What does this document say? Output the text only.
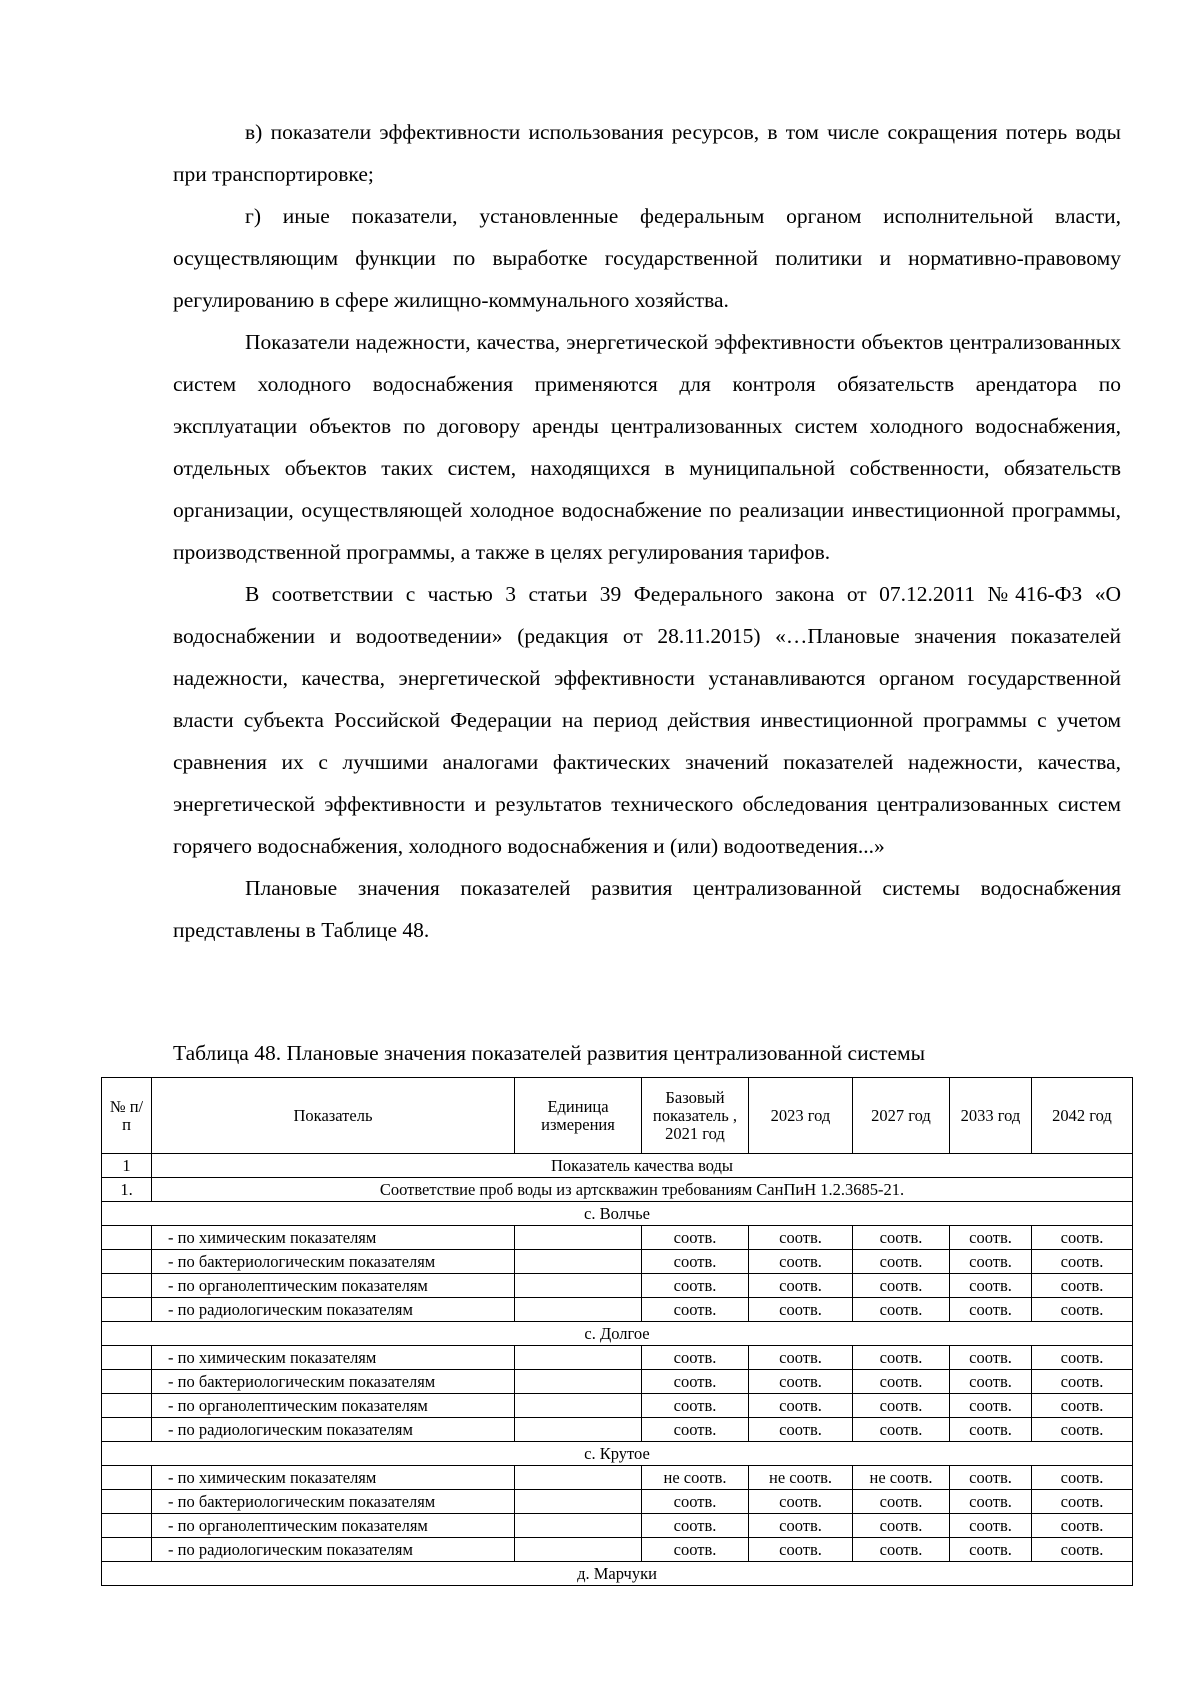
в) показатели эффективности использования ресурсов, в том числе сокращения потерь воды при транспортировке;

г) иные показатели, установленные федеральным органом исполнительной власти, осуществляющим функции по выработке государственной политики и нормативно-правовому регулированию в сфере жилищно-коммунального хозяйства.

Показатели надежности, качества, энергетической эффективности объектов централизованных систем холодного водоснабжения применяются для контроля обязательств арендатора по эксплуатации объектов по договору аренды централизованных систем холодного водоснабжения, отдельных объектов таких систем, находящихся в муниципальной собственности, обязательств организации, осуществляющей холодное водоснабжение по реализации инвестиционной программы, производственной программы, а также в целях регулирования тарифов.

В соответствии с частью 3 статьи 39 Федерального закона от 07.12.2011 №416-ФЗ «О водоснабжении и водоотведении» (редакция от 28.11.2015) «…Плановые значения показателей надежности, качества, энергетической эффективности устанавливаются органом государственной власти субъекта Российской Федерации на период действия инвестиционной программы с учетом сравнения их с лучшими аналогами фактических значений показателей надежности, качества, энергетической эффективности и результатов технического обследования централизованных систем горячего водоснабжения, холодного водоснабжения и (или) водоотведения...»

Плановые значения показателей развития централизованной системы водоснабжения представлены в Таблице 48.

Таблица 48. Плановые значения показателей развития централизованной системы
№ п/п	Показатель	Единица измерения	Базовый показатель , 2021 год	2023 год	2027 год	2033 год	2042 год
1	Показатель качества воды						
1.	Соответствие проб воды из артскважин требованиям СанПиН 1.2.3685-21.						
с. Волчье							
	- по химическим показателям		соотв.	соотв.	соотв.	соотв.	соотв.
	- по бактериологическим показателям		соотв.	соотв.	соотв.	соотв.	соотв.
	- по органолептическим показателям		соотв.	соотв.	соотв.	соотв.	соотв.
	- по радиологическим показателям		соотв.	соотв.	соотв.	соотв.	соотв.
с. Долгое							
	- по химическим показателям		соотв.	соотв.	соотв.	соотв.	соотв.
	- по бактериологическим показателям		соотв.	соотв.	соотв.	соотв.	соотв.
	- по органолептическим показателям		соотв.	соотв.	соотв.	соотв.	соотв.
	- по радиологическим показателям		соотв.	соотв.	соотв.	соотв.	соотв.
с. Крутое							
	- по химическим показателям		не соотв.	не соотв.	не соотв.	соотв.	соотв.
	- по бактериологическим показателям		соотв.	соотв.	соотв.	соотв.	соотв.
	- по органолептическим показателям		соотв.	соотв.	соотв.	соотв.	соотв.
	- по радиологическим показателям		соотв.	соотв.	соотв.	соотв.	соотв.
д. Марчуки							
